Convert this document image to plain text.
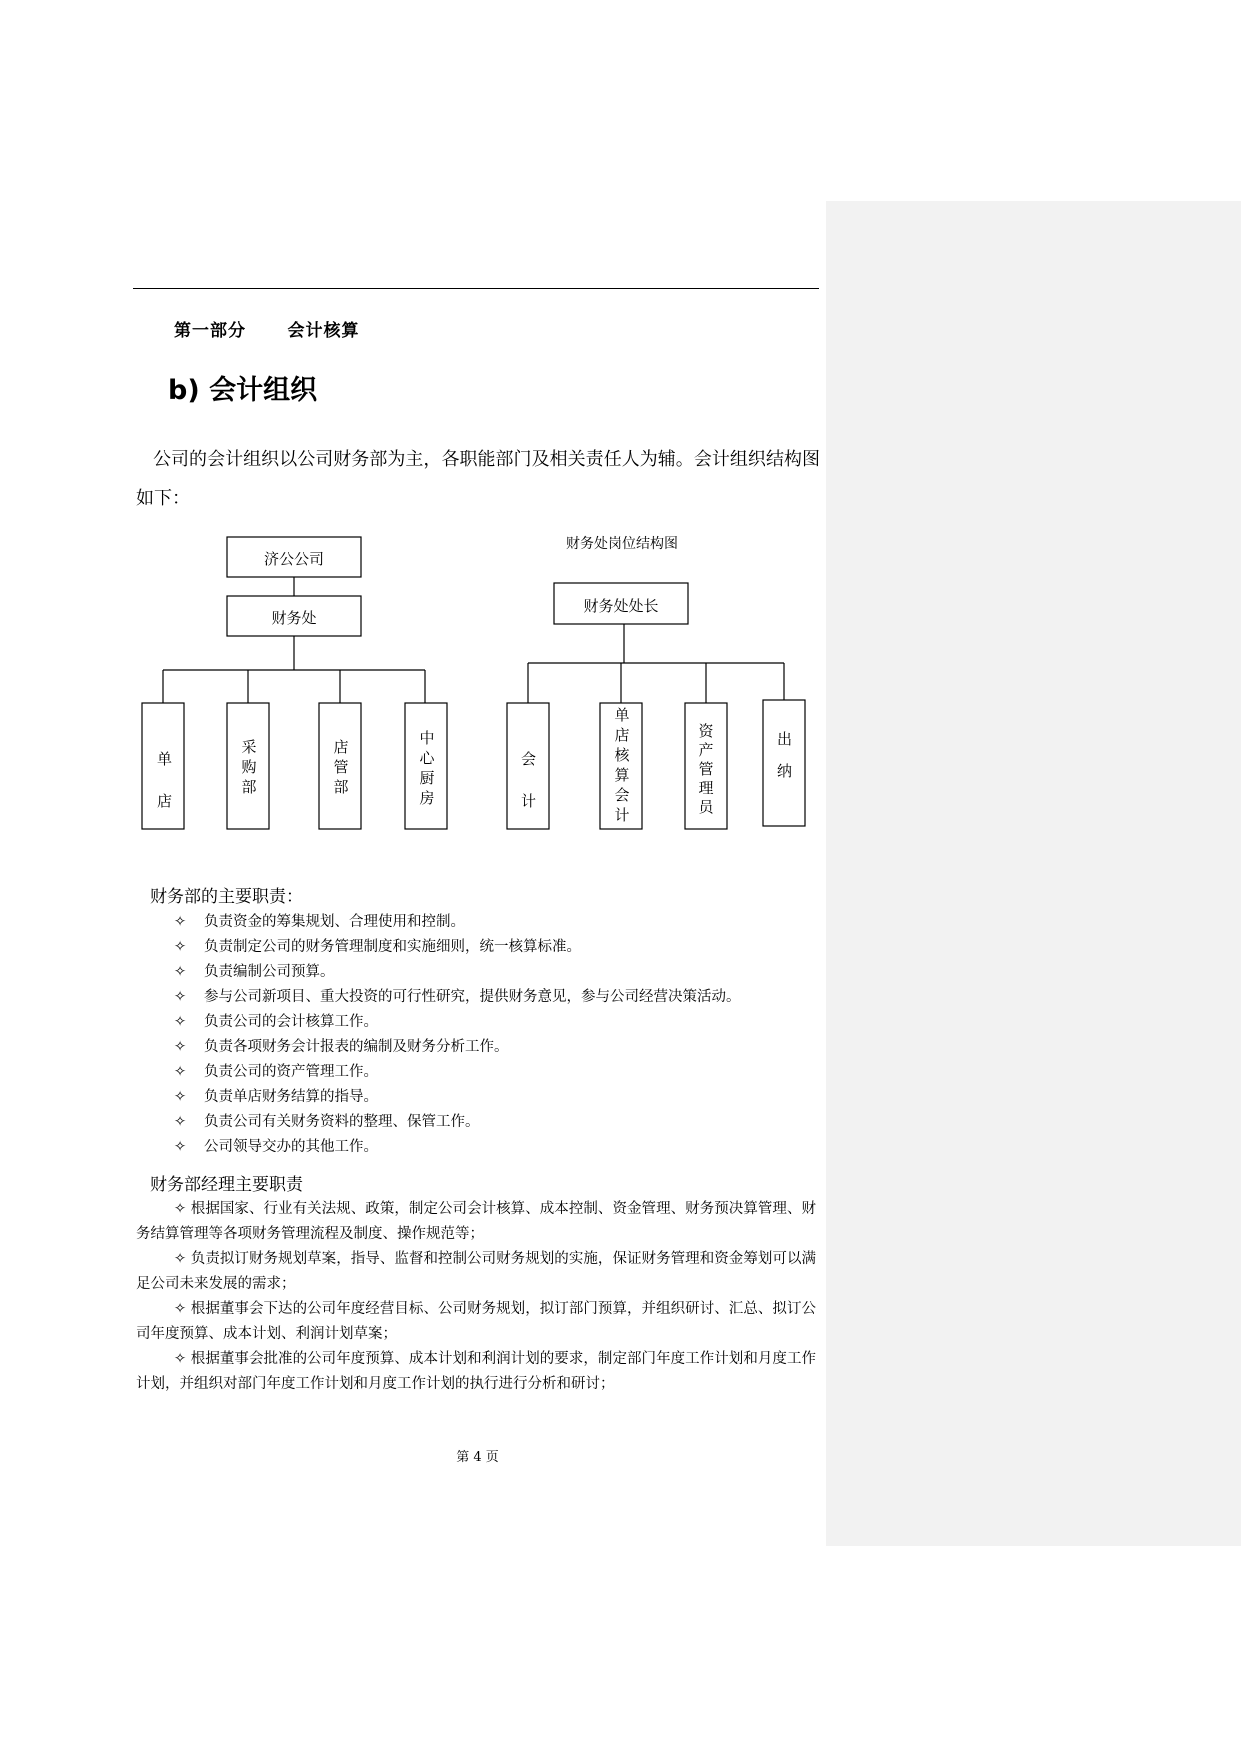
第一部分      会计核算
b) 会计组织
公司的会计组织以公司财务部为主，各职能部门及相关责任人为辅。会计组织结构图如下：
财务处岗位结构图
济公公司
财务处
单
店
采
购
部
店
管
部
中
心
厨
房
财务处处长
会
计
单
店
核
算
会
计
资
产
管
理
员
出
纳
财务部的主要职责：
✧ 负责资金的筹集规划、合理使用和控制。
✧ 负责制定公司的财务管理制度和实施细则，统一核算标准。
✧ 负责编制公司预算。
✧ 参与公司新项目、重大投资的可行性研究，提供财务意见，参与公司经营决策活动。
✧ 负责公司的会计核算工作。
✧ 负责各项财务会计报表的编制及财务分析工作。
✧ 负责公司的资产管理工作。
✧ 负责单店财务结算的指导。
✧ 负责公司有关财务资料的整理、保管工作。
✧ 公司领导交办的其他工作。
财务部经理主要职责

✧ 根据国家、行业有关法规、政策，制定公司会计核算、成本控制、资金管理、财务预决算管理、财务结算管理等各项财务管理流程及制度、操作规范等；

✧ 负责拟订财务规划草案，指导、监督和控制公司财务规划的实施，保证财务管理和资金筹划可以满足公司未来发展的需求；

✧ 根据董事会下达的公司年度经营目标、公司财务规划，拟订部门预算，并组织研讨、汇总、拟订公司年度预算、成本计划、利润计划草案；

✧ 根据董事会批准的公司年度预算、成本计划和利润计划的要求，制定部门年度工作计划和月度工作计划，并组织对部门年度工作计划和月度工作计划的执行进行分析和研讨；

第 4 页
